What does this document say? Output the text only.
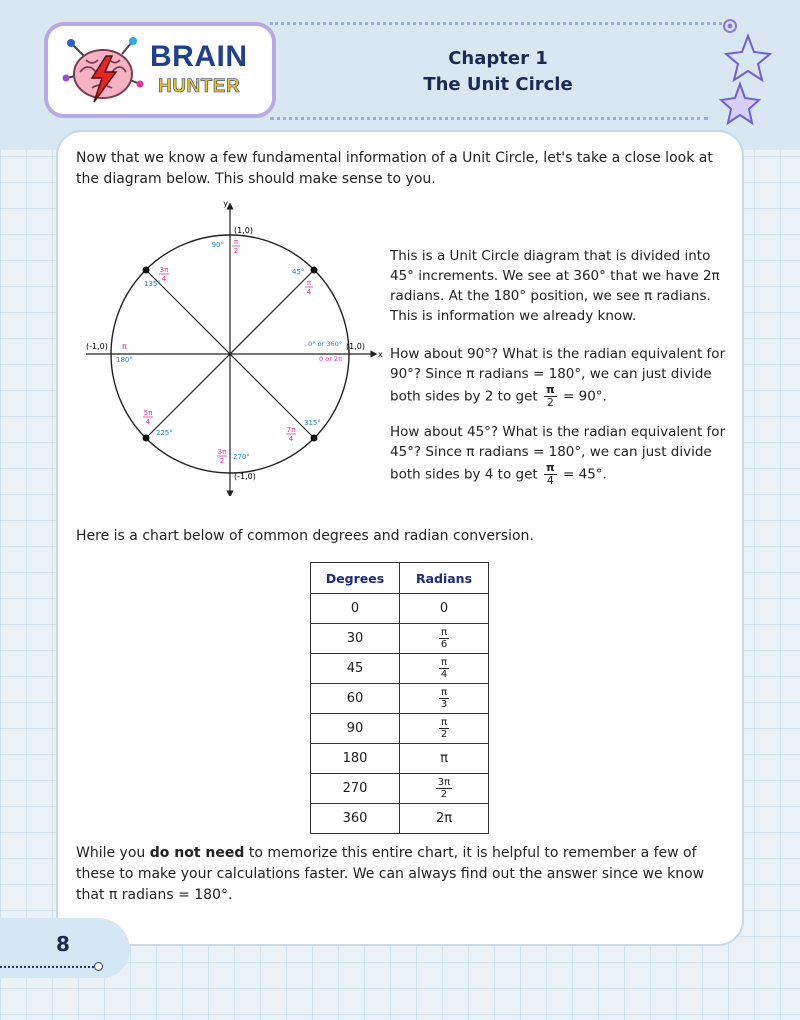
BRAIN
HUNTER
Chapter 1
The Unit Circle

Now that we know a few fundamental information of a Unit Circle, let's take a close look at the diagram below. This should make sense to you.

y
x
(1,0)
(1,0)
(-1,0)
(-1,0)
90° π
2
45°
π
4
3π
4
135°
0° or 360°
0 or 2π
π
180°
5π
4
225°
3π
2 270°
315°
7π
4

This is a Unit Circle diagram that is divided into 45° increments. We see at 360° that we have 2π radians. At the 180° position, we see π radians. This is information we already know.

How about 90°? What is the radian equivalent for 90°? Since π radians = 180°, we can just divide both sides by 2 to get $\frac{\pi}{2} = 90^\circ$.

How about 45°? What is the radian equivalent for 45°? Since π radians = 180°, we can just divide both sides by 4 to get $\frac{\pi}{4} = 45^\circ$.

Here is a chart below of common degrees and radian conversion.

Degrees	Radians
0	0
30	$\frac{\pi}{6}$

45	$\frac{\pi}{4}$

60	$\frac{\pi}{3}$

90	$\frac{\pi}{2}$

180	π
270	$\frac{3\pi}{2}$

360	2π

While you do not need to memorize this entire chart, it is helpful to remember a few of these to make your calculations faster. We can always find out the answer since we know that π radians = 180°.

8
